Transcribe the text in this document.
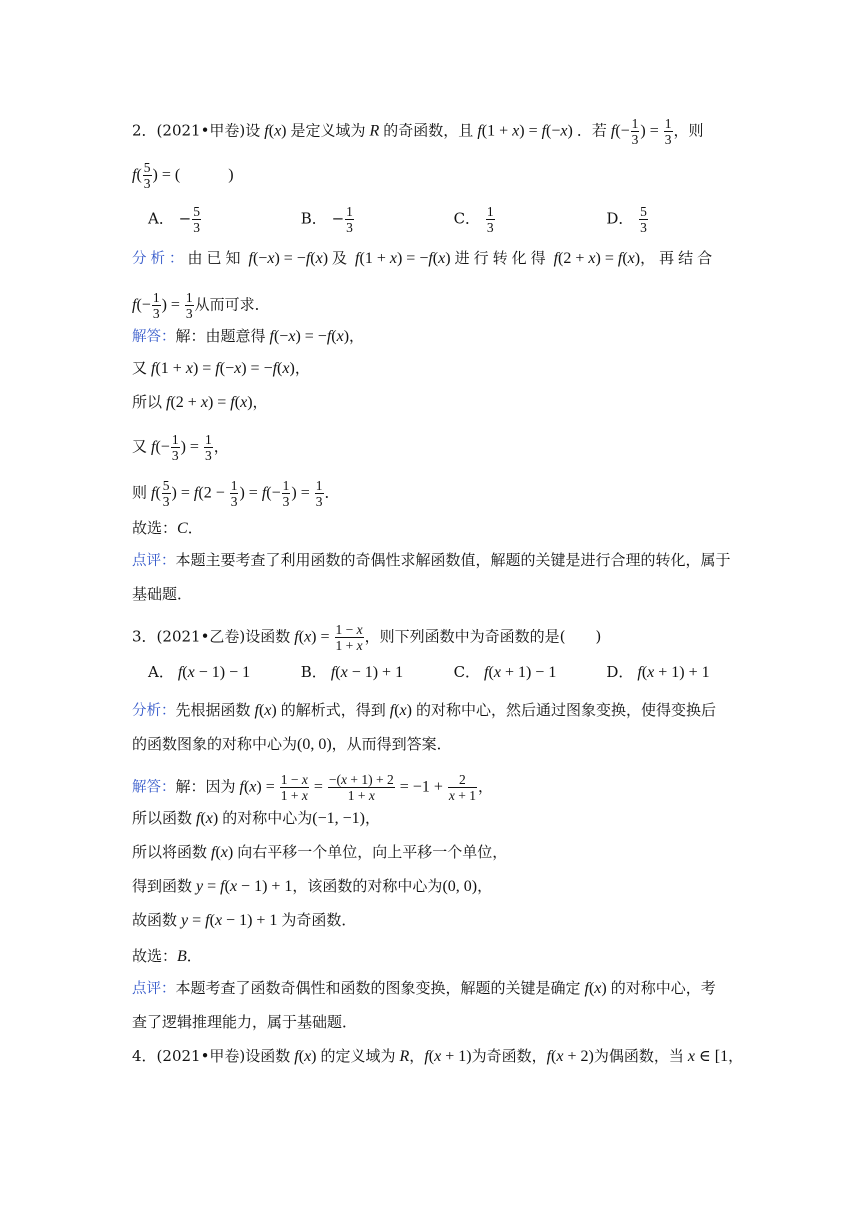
2．(2021•甲卷)设 f(x) 是定义域为 R 的奇函数，且 f(1 + x) = f(−x) ．若 $f(- \frac{1}{3}$ ) = $\frac{1}{3}$ ，则
$f( \frac{5}{3}$ ) = (　　　)
A． − $\frac{5}{3}$	B． − $\frac{1}{3}$	C． $\frac{1}{3}$	D． $\frac{5}{3}$
分析：由已知 f(−x) = −f(x) 及 f(1 + x) = −f(x) 进行转化得 f(2 + x) = f(x)，再结合
$f(- \frac{1}{3}$ ) = $\frac{1}{3}$ 从而可求．
解答：解：由题意得 f(−x) = −f(x)，
又 f(1 + x) = f(−x) = −f(x)，
所以 f(2 + x) = f(x)，
又 $f(- \frac{1}{3}$ ) = $\frac{1}{3}$ ，
则 $f( \frac{5}{3}$ ) = $f(2 - \frac{1}{3}$ ) = $f(- \frac{1}{3}$ ) = $\frac{1}{3}$ ．
故选：C．
点评：本题主要考查了利用函数的奇偶性求解函数值，解题的关键是进行合理的转化，属于
基础题．
3．(2021•乙卷)设函数 $f(x) = \frac{1 - x}{1 + x}$ ，则下列函数中为奇函数的是(　　)
A． f(x − 1) − 1	B． f(x − 1) + 1	C． f(x + 1) − 1	D． f(x + 1) + 1
分析：先根据函数 f(x) 的解析式，得到 f(x) 的对称中心，然后通过图象变换，使得变换后
的函数图象的对称中心为(0, 0)，从而得到答案．
解答：解：因为 $f(x) = \frac{1 - x}{1 + x} = \frac{-(x + 1) + 2}{1 + x} = -1 + \frac{2}{x + 1}$ ，
所以函数 f(x) 的对称中心为(−1, −1)，
所以将函数 f(x) 向右平移一个单位，向上平移一个单位，
得到函数 y = f(x − 1) + 1，该函数的对称中心为(0, 0)，
故函数 y = f(x − 1) + 1 为奇函数．
故选：B．
点评：本题考查了函数奇偶性和函数的图象变换，解题的关键是确定 f(x) 的对称中心，考
查了逻辑推理能力，属于基础题．
4．(2021•甲卷)设函数 f(x) 的定义域为 R，f(x + 1)为奇函数，f(x + 2)为偶函数，当 x ∈ [1，
